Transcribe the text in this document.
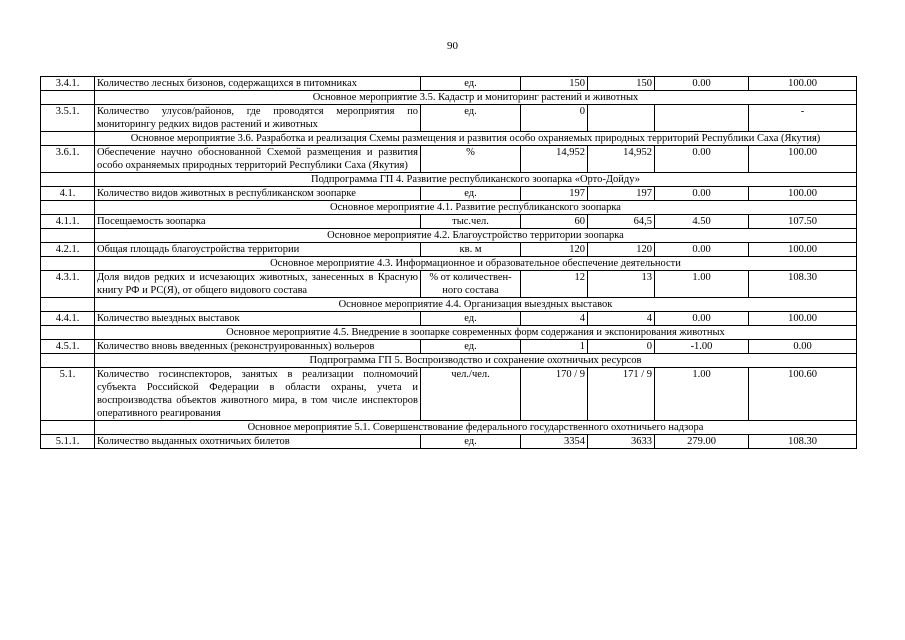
90
3.4.1.	Количество лесных бизонов, содержащихся в питомниках	ед.	150	150	0.00	100.00
	Основное мероприятие 3.5. Кадастр и мониторинг растений и животных					
3.5.1.	Количество улусов/районов, где проводятся мероприятия по мониторингу редких видов растений и животных	ед.	0			-
	Основное мероприятие 3.6. Разработка и реализация Схемы размещения и развития особо охраняемых природных территорий Республики Саха (Якутия)					
3.6.1.	Обеспечение научно обоснованной Схемой размещения и развития особо охраняемых природных территорий Республики Саха (Якутия)	%	14,952	14,952	0.00	100.00
	Подпрограмма ГП 4. Развитие республиканского зоопарка «Орто-Дойду»					
4.1.	Количество видов животных в республиканском зоопарке	ед.	197	197	0.00	100.00
	Основное мероприятие 4.1. Развитие республиканского зоопарка					
4.1.1.	Посещаемость зоопарка	тыс.чел.	60	64,5	4.50	107.50
	Основное мероприятие 4.2. Благоустройство территории зоопарка					
4.2.1.	Общая площадь благоустройства территории	кв. м	120	120	0.00	100.00
	Основное мероприятие 4.3. Информационное и образовательное обеспечение деятельности					
4.3.1.	Доля видов редких и исчезающих животных, занесенных в Красную книгу РФ и РС(Я), от общего видового состава	% от количествен-ного состава	12	13	1.00	108.30
	Основное мероприятие 4.4. Организация выездных выставок					
4.4.1.	Количество выездных выставок	ед.	4	4	0.00	100.00
	Основное мероприятие 4.5. Внедрение в зоопарке современных форм содержания и экспонирования животных					
4.5.1.	Количество вновь введенных (реконструированных) вольеров	ед.	1	0	-1.00	0.00
	Подпрограмма ГП 5. Воспроизводство и сохранение охотничьих ресурсов					
5.1.	Количество госинспекторов, занятых в реализации полномочий субъекта Российской Федерации в области охраны, учета и воспроизводства объектов животного мира, в том числе инспекторов оперативного реагирования	чел./чел.	170 / 9	171 / 9	1.00	100.60
	Основное мероприятие 5.1. Совершенствование федерального государственного охотничьего надзора					
5.1.1.	Количество выданных охотничьих билетов	ед.	3354	3633	279.00	108.30
